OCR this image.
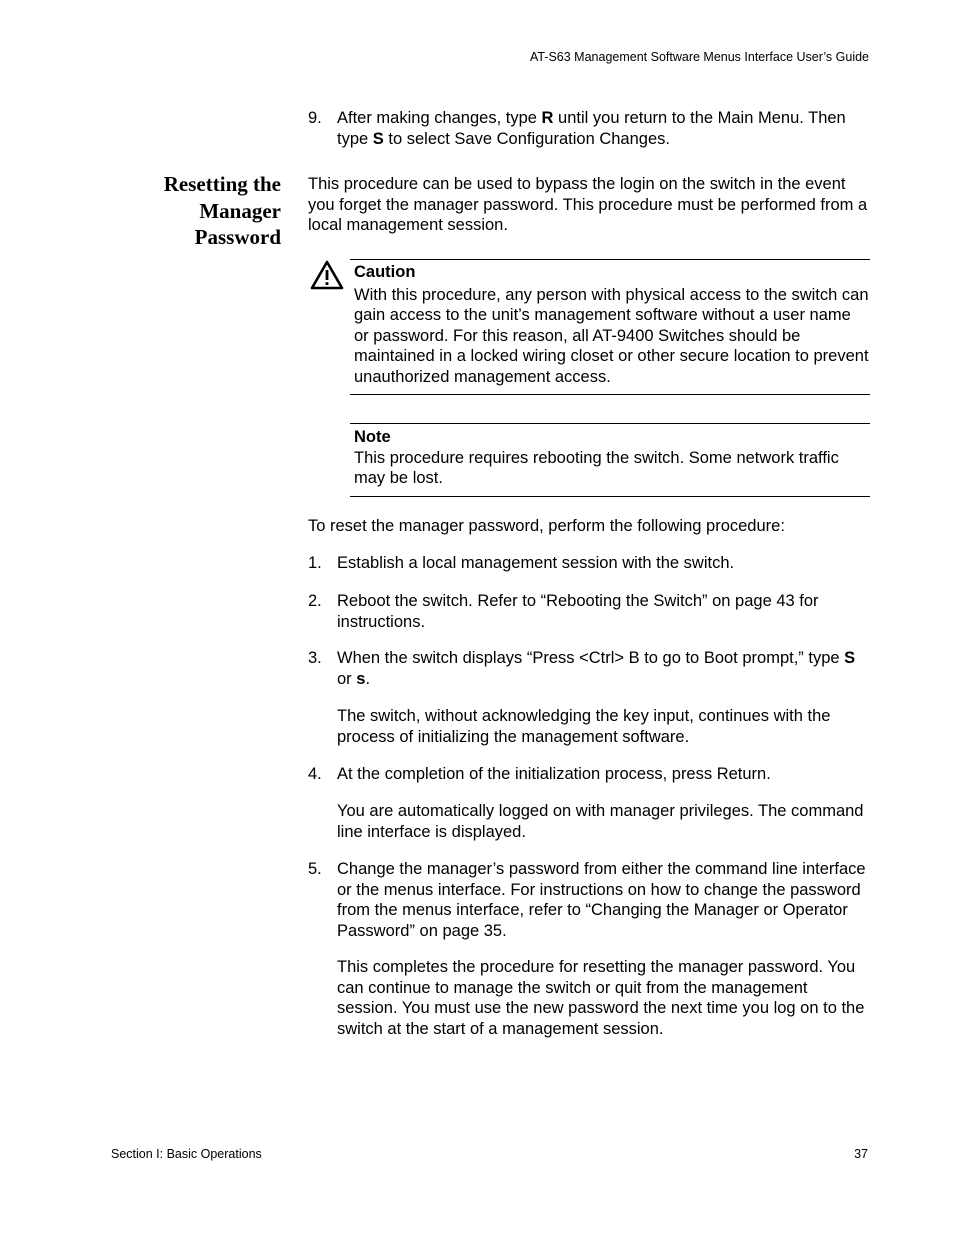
AT-S63 Management Software Menus Interface User’s Guide
9. After making changes, type R until you return to the Main Menu. Then type S to select Save Configuration Changes.
Resetting the
Manager
Password
This procedure can be used to bypass the login on the switch in the event you forget the manager password. This procedure must be performed from a local management session.
Caution
With this procedure, any person with physical access to the switch can gain access to the unit’s management software without a user name or password. For this reason, all AT-9400 Switches should be maintained in a locked wiring closet or other secure location to prevent unauthorized management access.
Note
This procedure requires rebooting the switch. Some network traffic may be lost.
To reset the manager password, perform the following procedure:
1. Establish a local management session with the switch.
2. Reboot the switch. Refer to “Rebooting the Switch” on page 43 for instructions.
3. When the switch displays “Press <Ctrl> B to go to Boot prompt,” type S or s.
The switch, without acknowledging the key input, continues with the process of initializing the management software.
4. At the completion of the initialization process, press Return.
You are automatically logged on with manager privileges. The command line interface is displayed.
5. Change the manager’s password from either the command line interface or the menus interface. For instructions on how to change the password from the menus interface, refer to “Changing the Manager or Operator Password” on page 35.
This completes the procedure for resetting the manager password. You can continue to manage the switch or quit from the management session. You must use the new password the next time you log on to the switch at the start of a management session.
Section I: Basic Operations	37
